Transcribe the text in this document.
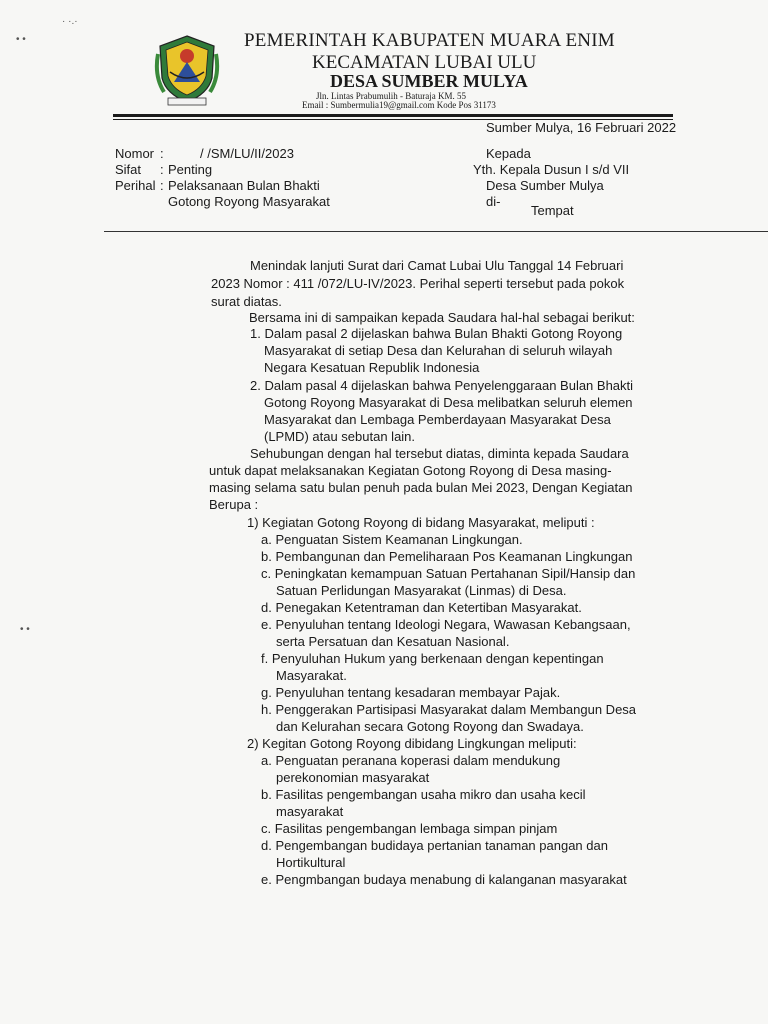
• •
· ·.·
• •
PEMERINTAH KABUPATEN MUARA ENIM
KECAMATAN LUBAI ULU
DESA SUMBER MULYA
Jln. Lintas Prabumulih - Baturaja KM. 55
Email : Sumbermulia19@gmail.com Kode Pos 31173
Sumber Mulya, 16 Februari 2022
Nomor :	/ /SM/LU/II/2023
Sifat : Penting
Perihal : Pelaksanaan Bulan Bhakti
Gotong Royong Masyarakat
Kepada
Yth. Kepala Dusun I s/d VII
Desa Sumber Mulya
di-
Tempat
Menindak lanjuti Surat dari Camat Lubai Ulu Tanggal 14 Februari
2023 Nomor : 411 /072/LU-IV/2023. Perihal seperti tersebut pada pokok
surat diatas.
Bersama ini di sampaikan kepada Saudara hal-hal sebagai berikut:
1. Dalam pasal 2 dijelaskan bahwa Bulan Bhakti Gotong Royong
Masyarakat di setiap Desa dan Kelurahan di seluruh wilayah
Negara Kesatuan Republik Indonesia
2. Dalam pasal 4 dijelaskan bahwa Penyelenggaraan Bulan Bhakti
Gotong Royong Masyarakat di Desa melibatkan seluruh elemen
Masyarakat dan Lembaga Pemberdayaan Masyarakat Desa
(LPMD) atau sebutan lain.
Sehubungan dengan hal tersebut diatas, diminta kepada Saudara
untuk dapat melaksanakan Kegiatan Gotong Royong di Desa masing-
masing selama satu bulan penuh pada bulan Mei 2023, Dengan Kegiatan
Berupa :
1) Kegiatan Gotong Royong di bidang Masyarakat, meliputi :
a. Penguatan Sistem Keamanan Lingkungan.
b. Pembangunan dan Pemeliharaan Pos Keamanan Lingkungan
c. Peningkatan kemampuan Satuan Pertahanan Sipil/Hansip dan
Satuan Perlidungan Masyarakat (Linmas) di Desa.
d. Penegakan Ketentraman dan Ketertiban Masyarakat.
e. Penyuluhan tentang Ideologi Negara, Wawasan Kebangsaan,
serta Persatuan dan Kesatuan Nasional.
f. Penyuluhan Hukum yang berkenaan dengan kepentingan
Masyarakat.
g. Penyuluhan tentang kesadaran membayar Pajak.
h. Penggerakan Partisipasi Masyarakat dalam Membangun Desa
dan Kelurahan secara Gotong Royong dan Swadaya.
2) Kegitan Gotong Royong dibidang Lingkungan meliputi:
a. Penguatan peranana koperasi dalam mendukung
perekonomian masyarakat
b. Fasilitas pengembangan usaha mikro dan usaha kecil
masyarakat
c. Fasilitas pengembangan lembaga simpan pinjam
d. Pengembangan budidaya pertanian tanaman pangan dan
Hortikultural
e. Pengmbangan budaya menabung di kalanganan masyarakat
